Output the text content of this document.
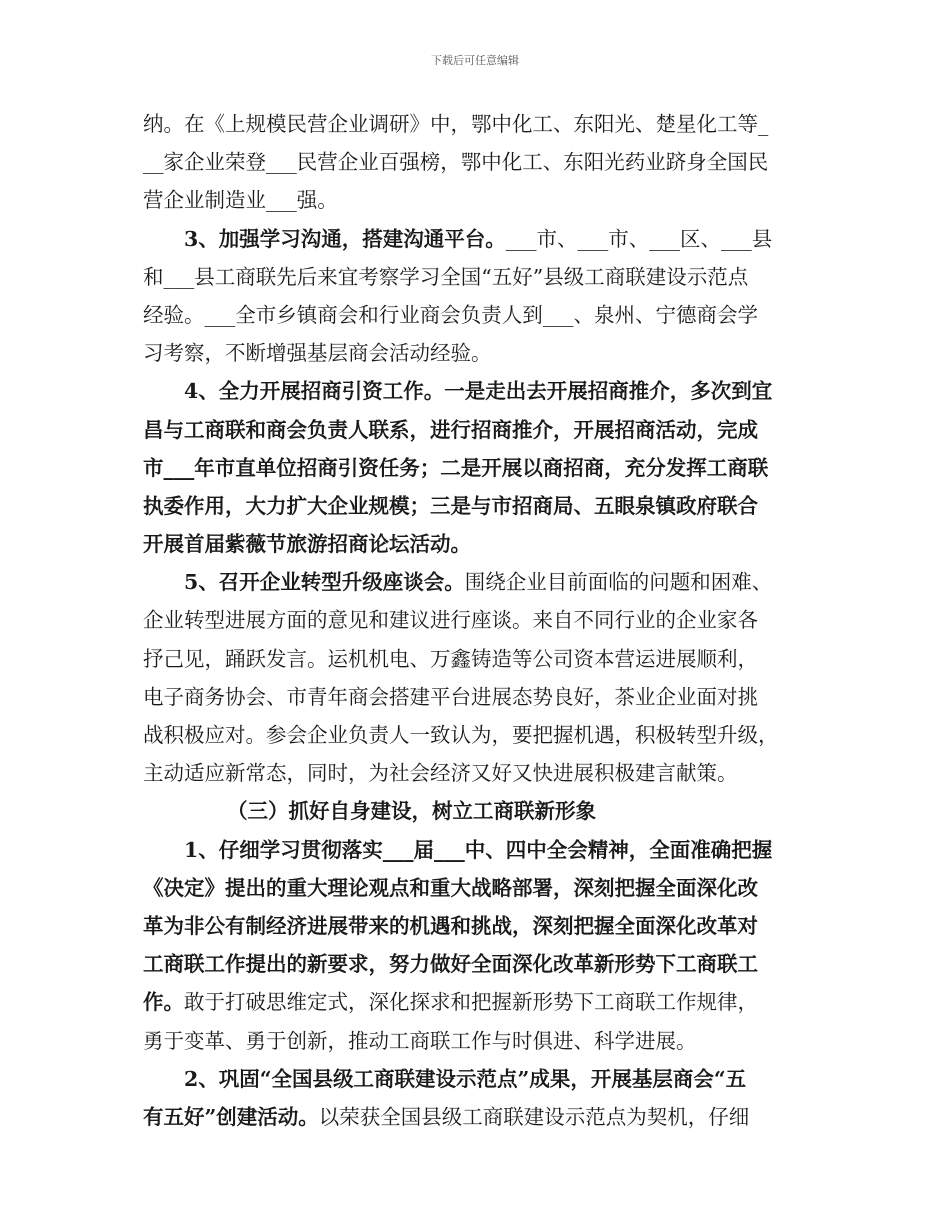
下载后可任意编辑
纳。在《上规模民营企业调研》中，鄂中化工、东阳光、楚星化工等_
__家企业荣登___民营企业百强榜，鄂中化工、东阳光药业跻身全国民
营企业制造业___强。
3、加强学习沟通，搭建沟通平台。___市、___市、___区、___县
和___县工商联先后来宜考察学习全国“五好”县级工商联建设示范点
经验。___全市乡镇商会和行业商会负责人到___、泉州、宁德商会学
习考察，不断增强基层商会活动经验。
4、全力开展招商引资工作。一是走出去开展招商推介，多次到宜
昌与工商联和商会负责人联系，进行招商推介，开展招商活动，完成
市___年市直单位招商引资任务；二是开展以商招商，充分发挥工商联
执委作用，大力扩大企业规模；三是与市招商局、五眼泉镇政府联合
开展首届紫薇节旅游招商论坛活动。
5、召开企业转型升级座谈会。围绕企业目前面临的问题和困难、
企业转型进展方面的意见和建议进行座谈。来自不同行业的企业家各
抒己见，踊跃发言。运机机电、万鑫铸造等公司资本营运进展顺利，
电子商务协会、市青年商会搭建平台进展态势良好，茶业企业面对挑
战积极应对。参会企业负责人一致认为，要把握机遇，积极转型升级，
主动适应新常态，同时，为社会经济又好又快进展积极建言献策。
（三）抓好自身建设，树立工商联新形象
1、仔细学习贯彻落实___届___中、四中全会精神，全面准确把握
《决定》提出的重大理论观点和重大战略部署，深刻把握全面深化改
革为非公有制经济进展带来的机遇和挑战，深刻把握全面深化改革对
工商联工作提出的新要求，努力做好全面深化改革新形势下工商联工
作。敢于打破思维定式，深化探求和把握新形势下工商联工作规律，
勇于变革、勇于创新，推动工商联工作与时俱进、科学进展。
2、巩固“全国县级工商联建设示范点”成果，开展基层商会“五
有五好”创建活动。以荣获全国县级工商联建设示范点为契机，仔细
